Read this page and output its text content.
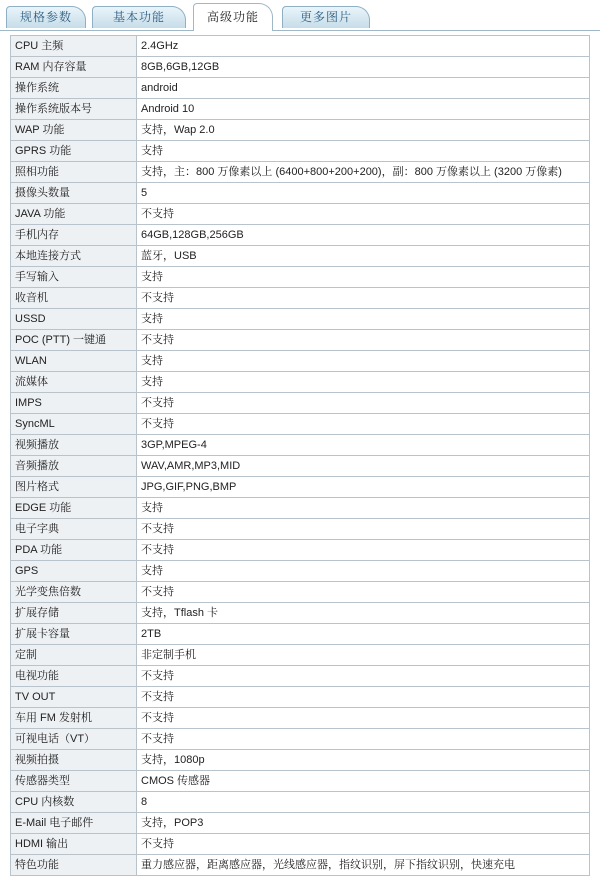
规格参数	基本功能	高级功能	更多图片
CPU 主频	2.4GHz
RAM 内存容量	8GB,6GB,12GB
操作系统	android
操作系统版本号	Android 10
WAP 功能	支持，Wap 2.0
GPRS 功能	支持
照相功能	支持，主：800 万像素以上 (6400+800+200+200)，副：800 万像素以上 (3200 万像素)
摄像头数量	5
JAVA 功能	不支持
手机内存	64GB,128GB,256GB
本地连接方式	蓝牙，USB
手写输入	支持
收音机	不支持
USSD	支持
POC (PTT) 一键通	不支持
WLAN	支持
流媒体	支持
IMPS	不支持
SyncML	不支持
视频播放	3GP,MPEG-4
音频播放	WAV,AMR,MP3,MID
图片格式	JPG,GIF,PNG,BMP
EDGE 功能	支持
电子字典	不支持
PDA 功能	不支持
GPS	支持
光学变焦倍数	不支持
扩展存储	支持，Tflash 卡
扩展卡容量	2TB
定制	非定制手机
电视功能	不支持
TV OUT	不支持
车用 FM 发射机	不支持
可视电话（VT）	不支持
视频拍摄	支持，1080p
传感器类型	CMOS 传感器
CPU 内核数	8
E-Mail 电子邮件	支持，POP3
HDMI 输出	不支持
特色功能	重力感应器，距离感应器，光线感应器，指纹识别，屏下指纹识别，快速充电
